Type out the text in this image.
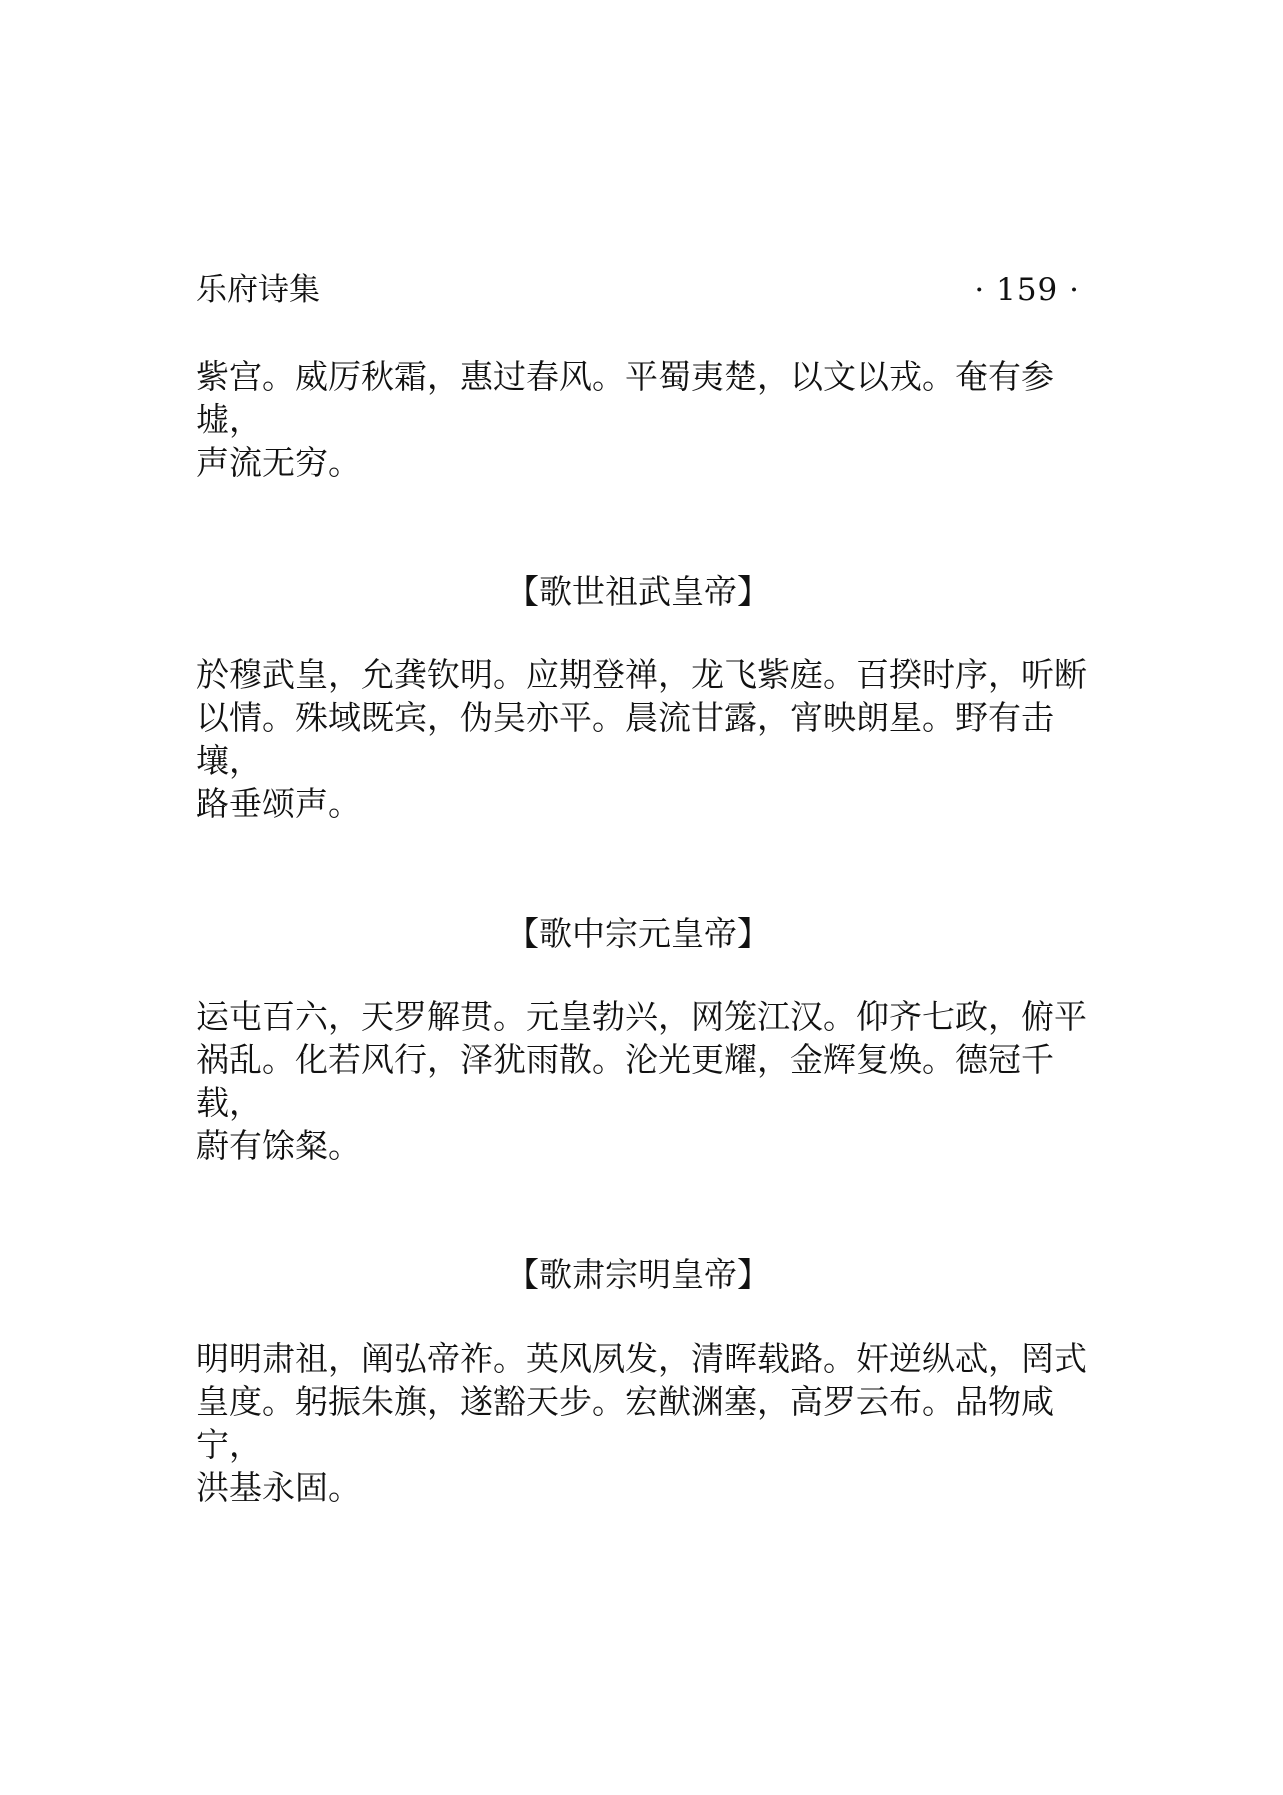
乐府诗集	· 159 ·

紫宫。威厉秋霜，惠过春风。平蜀夷楚，以文以戎。奄有参墟，
声流无穷。

【歌世祖武皇帝】

於穆武皇，允龚钦明。应期登禅，龙飞紫庭。百揆时序，听断
以情。殊域既宾，伪吴亦平。晨流甘露，宵映朗星。野有击壤，
路垂颂声。

【歌中宗元皇帝】

运屯百六，天罗解贯。元皇勃兴，网笼江汉。仰齐七政，俯平
祸乱。化若风行，泽犹雨散。沦光更耀，金辉复焕。德冠千载，
蔚有馀粲。

【歌肃宗明皇帝】

明明肃祖，阐弘帝祚。英风夙发，清晖载路。奸逆纵忒，罔式
皇度。躬振朱旗，遂豁天步。宏猷渊塞，高罗云布。品物咸宁，
洪基永固。
